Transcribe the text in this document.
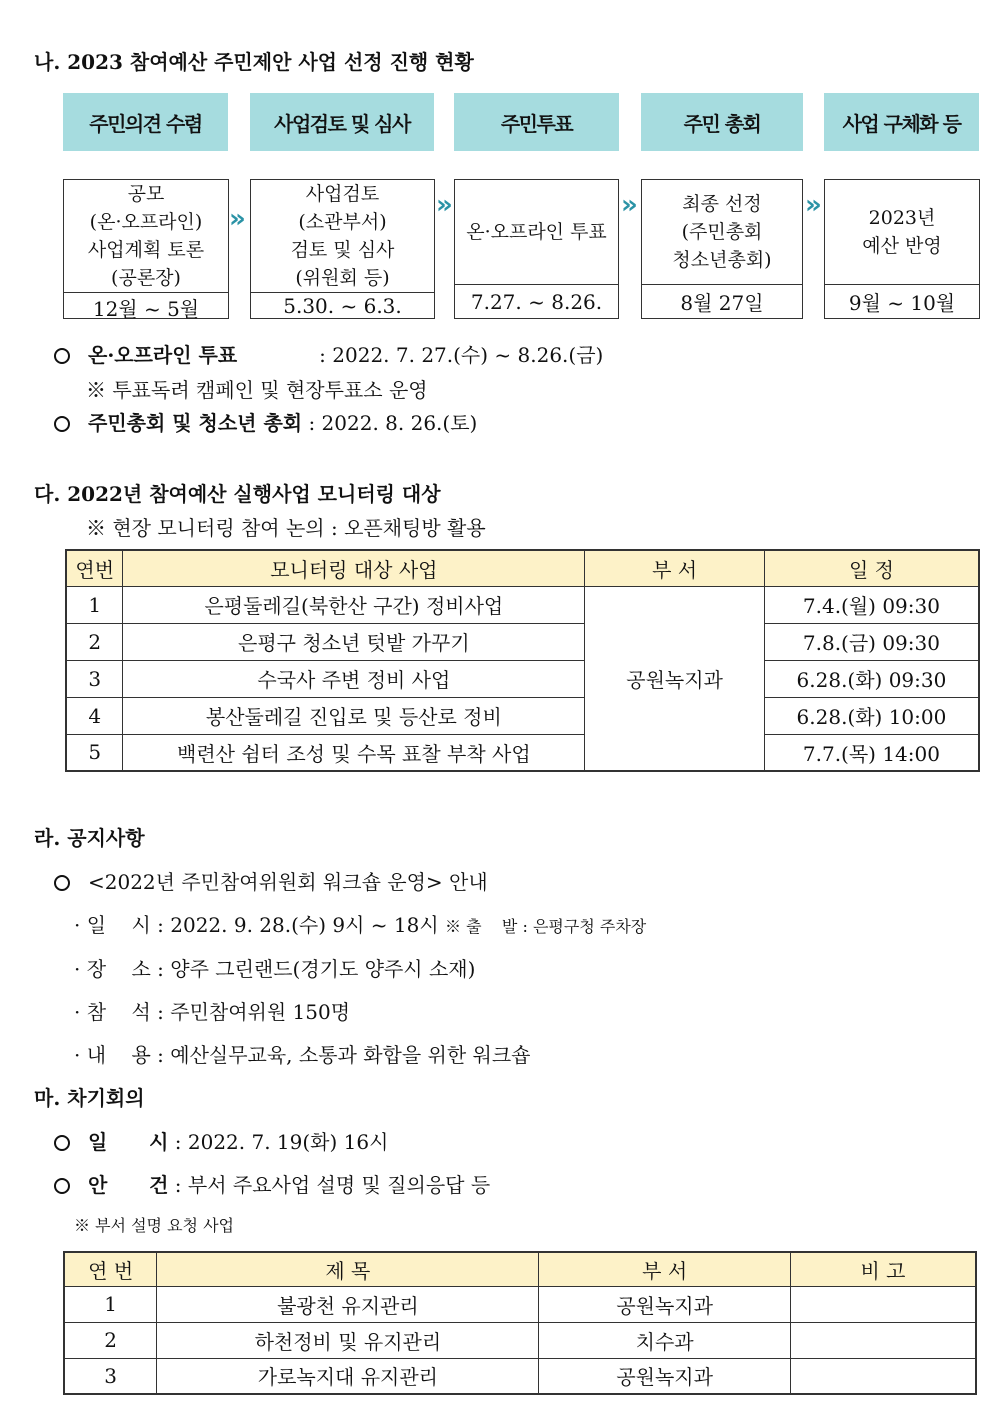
나. 2023 참여예산 주민제안 사업 선정 진행 현황
주민의견 수렴	사업검토 및 심사	주민투표	주민 총회	사업 구체화 등
공모
(온·오프라인)
사업계획 토론
(공론장)
12월 ~ 5월
사업검토
(소관부서)
검토 및 심사
(위원회 등)
5.30. ~ 6.3.
온·오프라인 투표
7.27. ~ 8.26.
최종 선정
(주민총회
청소년총회)
8월 27일
2023년
예산 반영
9월 ~ 10월
»	»	»	»
온·오프라인 투표	: 2022. 7. 27.(수) ~ 8.26.(금)
※ 투표독려 캠페인 및 현장투표소 운영
주민총회 및 청소년 총회 : 2022. 8. 26.(토)
다. 2022년 참여예산 실행사업 모니터링 대상
※ 현장 모니터링 참여 논의 : 오픈채팅방 활용
연번	모니터링 대상 사업	부 서	일 정
1	은평둘레길(북한산 구간) 정비사업	공원녹지과	7.4.(월) 09:30
2	은평구 청소년 텃밭 가꾸기		7.8.(금) 09:30
3	수국사 주변 정비 사업		6.28.(화) 09:30
4	봉산둘레길 진입로 및 등산로 정비		6.28.(화) 10:00
5	백련산 쉼터 조성 및 수목 표찰 부착 사업		7.7.(목) 14:00
라. 공지사항
<2022년 주민참여위원회 워크숍 운영> 안내
· 일    시 : 2022. 9. 28.(수) 9시 ~ 18시 ※ 출    발 : 은평구청 주차장
· 장    소 : 양주 그린랜드(경기도 양주시 소재)
· 참    석 : 주민참여위원 150명
· 내    용 : 예산실무교육, 소통과 화합을 위한 워크숍
마. 차기회의
일      시 : 2022. 7. 19(화) 16시
안      건 : 부서 주요사업 설명 및 질의응답 등
※ 부서 설명 요청 사업
연 번	제 목	부 서	비 고
1	불광천 유지관리	공원녹지과	
2	하천정비 및 유지관리	치수과	
3	가로녹지대 유지관리	공원녹지과	
